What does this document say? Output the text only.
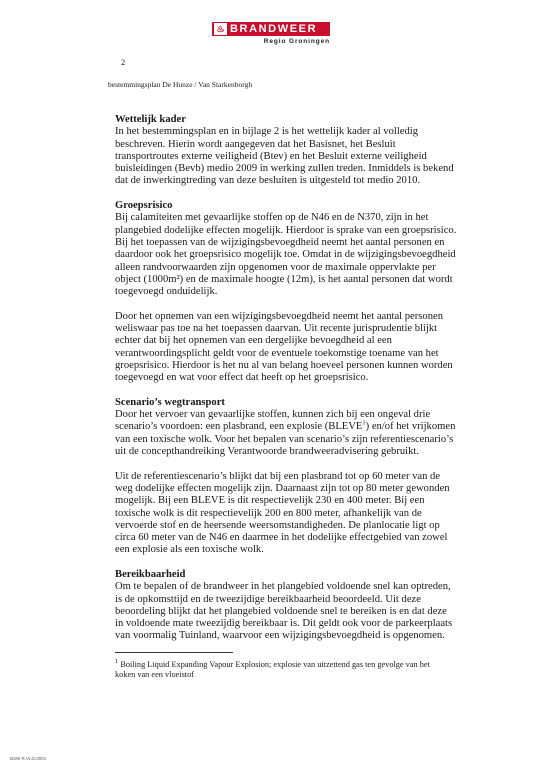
♨ BRANDWEER
Regio Groningen
2
bestemmingsplan De Hunze / Van Starkenborgh
Wettelijk kader
In het bestemmingsplan en in bijlage 2 is het wettelijk kader al volledig
beschreven. Hierin wordt aangegeven dat het Basisnet, het Besluit
transportroutes externe veiligheid (Btev) en het Besluit externe veiligheid
buisleidingen (Bevb) medio 2009 in werking zullen treden. Inmiddels is bekend
dat de inwerkingtreding van deze besluiten is uitgesteld tot medio 2010.
Groepsrisico
Bij calamiteiten met gevaarlijke stoffen op de N46 en de N370, zijn in het
plangebied dodelijke effecten mogelijk. Hierdoor is sprake van een groepsrisico.
Bij het toepassen van de wijzigingsbevoegdheid neemt het aantal personen en
daardoor ook het groepsrisico mogelijk toe. Omdat in de wijzigingsbevoegdheid
alleen randvoorwaarden zijn opgenomen voor de maximale oppervlakte per
object (1000m²) en de maximale hoogte (12m), is het aantal personen dat wordt
toegevoegd onduidelijk.
Door het opnemen van een wijzigingsbevoegdheid neemt het aantal personen
weliswaar pas toe na het toepassen daarvan. Uit recente jurisprudentie blijkt
echter dat bij het opnemen van een dergelijke bevoegdheid al een
verantwoordingsplicht geldt voor de eventuele toekomstige toename van het
groepsrisico. Hierdoor is het nu al van belang hoeveel personen kunnen worden
toegevoegd en wat voor effect dat heeft op het groepsrisico.
Scenario’s wegtransport
Door het vervoer van gevaarlijke stoffen, kunnen zich bij een ongeval drie
scenario’s voordoen: een plasbrand, een explosie (BLEVE$^1$) en/of het vrijkomen
van een toxische wolk. Voor het bepalen van scenario’s zijn referentiescenario’s
uit de concepthandreiking Verantwoorde brandweeradvisering gebruikt.
Uit de referentiescenario’s blijkt dat bij een plasbrand tot op 60 meter van de
weg dodelijke effecten mogelijk zijn. Daarnaast zijn tot op 80 meter gewonden
mogelijk. Bij een BLEVE is dit respectievelijk 230 en 400 meter. Bij een
toxische wolk is dit respectievelijk 200 en 800 meter, afhankelijk van de
vervoerde stof en de heersende weersomstandigheden. De planlocatie ligt op
circa 60 meter van de N46 en daarmee in het dodelijke effectgebied van zowel
een explosie als een toxische wolk.
Bereikbaarheid
Om te bepalen of de brandweer in het plangebied voldoende snel kan optreden,
is de opkomsttijd en de tweezijdige bereikbaarheid beoordeeld. Uit deze
beoordeling blijkt dat het plangebied voldoende snel te bereiken is en dat deze
in voldoende mate tweezijdig bereikbaar is. Dit geldt ook voor de parkeerplaats
van voormalig Tuinland, waarvoor een wijzigingsbevoegdheid is opgenomen.
$^1$ Boiling Liquid Expanding Vapour Explosion; explosie van uitzettend gas ten gevolge van het
koken van een vloeistof
BSW R.VLG.0001
